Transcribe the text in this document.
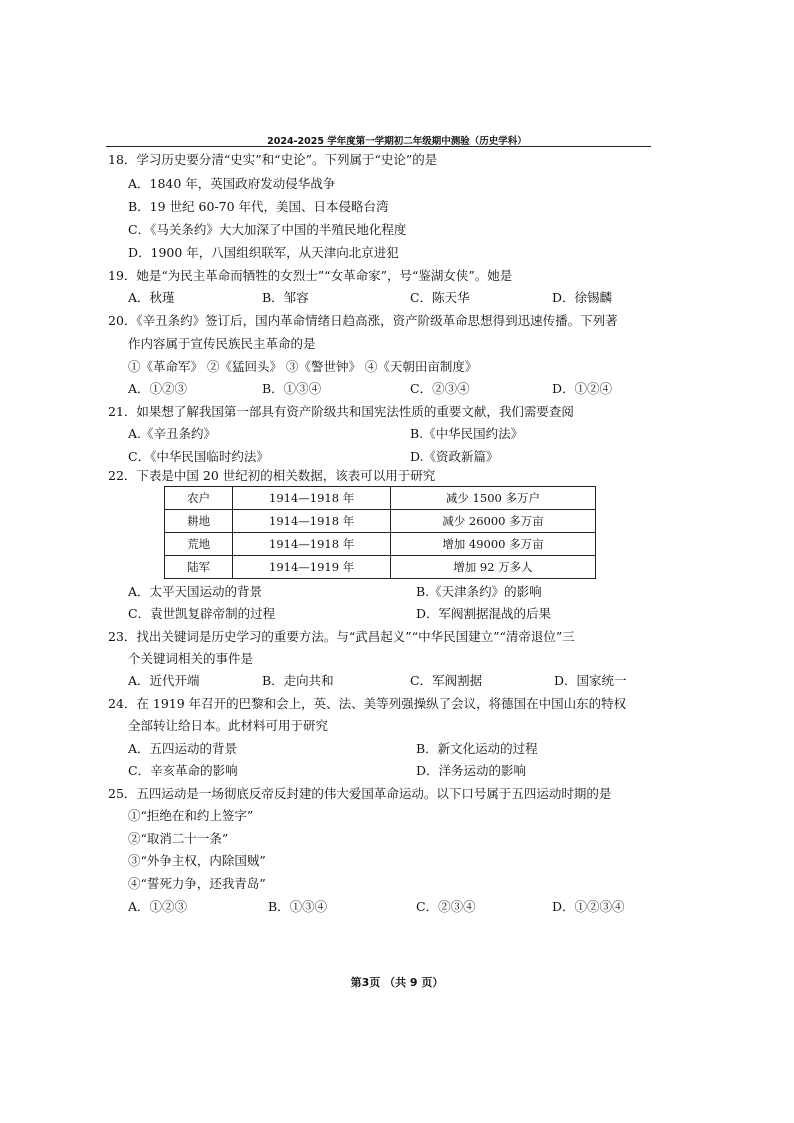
2024-2025 学年度第一学期初二年级期中测验（历史学科）
18．学习历史要分清“史实”和“史论”。下列属于“史论”的是
A．1840 年，英国政府发动侵华战争
B．19 世纪 60-70 年代，美国、日本侵略台湾
C．《马关条约》大大加深了中国的半殖民地化程度
D．1900 年，八国组织联军，从天津向北京进犯
19．她是“为民主革命而牺牲的女烈士”“女革命家”，号“鉴湖女侠”。她是
A．秋瑾	B．邹容	C．陈天华	D．徐锡麟
20．《辛丑条约》签订后，国内革命情绪日趋高涨，资产阶级革命思想得到迅速传播。下列著
作内容属于宣传民族民主革命的是
①《革命军》 ②《猛回头》 ③《警世钟》 ④《天朝田亩制度》
A．①②③	B．①③④	C．②③④	D．①②④
21．如果想了解我国第一部具有资产阶级共和国宪法性质的重要文献，我们需要查阅
A.《辛丑条约》	B.《中华民国约法》
C．《中华民国临时约法》	D.《资政新篇》
22．下表是中国 20 世纪初的相关数据，该表可以用于研究
农户	1914—1918 年	减少 1500 多万户
耕地	1914—1918 年	减少 26000 多万亩
荒地	1914—1918 年	增加 49000 多万亩
陆军	1914—1919 年	增加 92 万多人
A．太平天国运动的背景	B.《天津条约》的影响
C．袁世凯复辟帝制的过程	D．军阀割据混战的后果
23．找出关键词是历史学习的重要方法。与“武昌起义”“中华民国建立”“清帝退位”三
个关键词相关的事件是
A．近代开端	B．走向共和	C．军阀割据	D．国家统一
24．在 1919 年召开的巴黎和会上，英、法、美等列强操纵了会议，将德国在中国山东的特权
全部转让给日本。此材料可用于研究
A．五四运动的背景	B．新文化运动的过程
C．辛亥革命的影响	D．洋务运动的影响
25．五四运动是一场彻底反帝反封建的伟大爱国革命运动。以下口号属于五四运动时期的是
①“拒绝在和约上签字”
②“取消二十一条”
③“外争主权，内除国贼”
④“誓死力争，还我青岛”
A．①②③	B．①③④	C．②③④	D．①②③④
第3页 （共 9 页）
